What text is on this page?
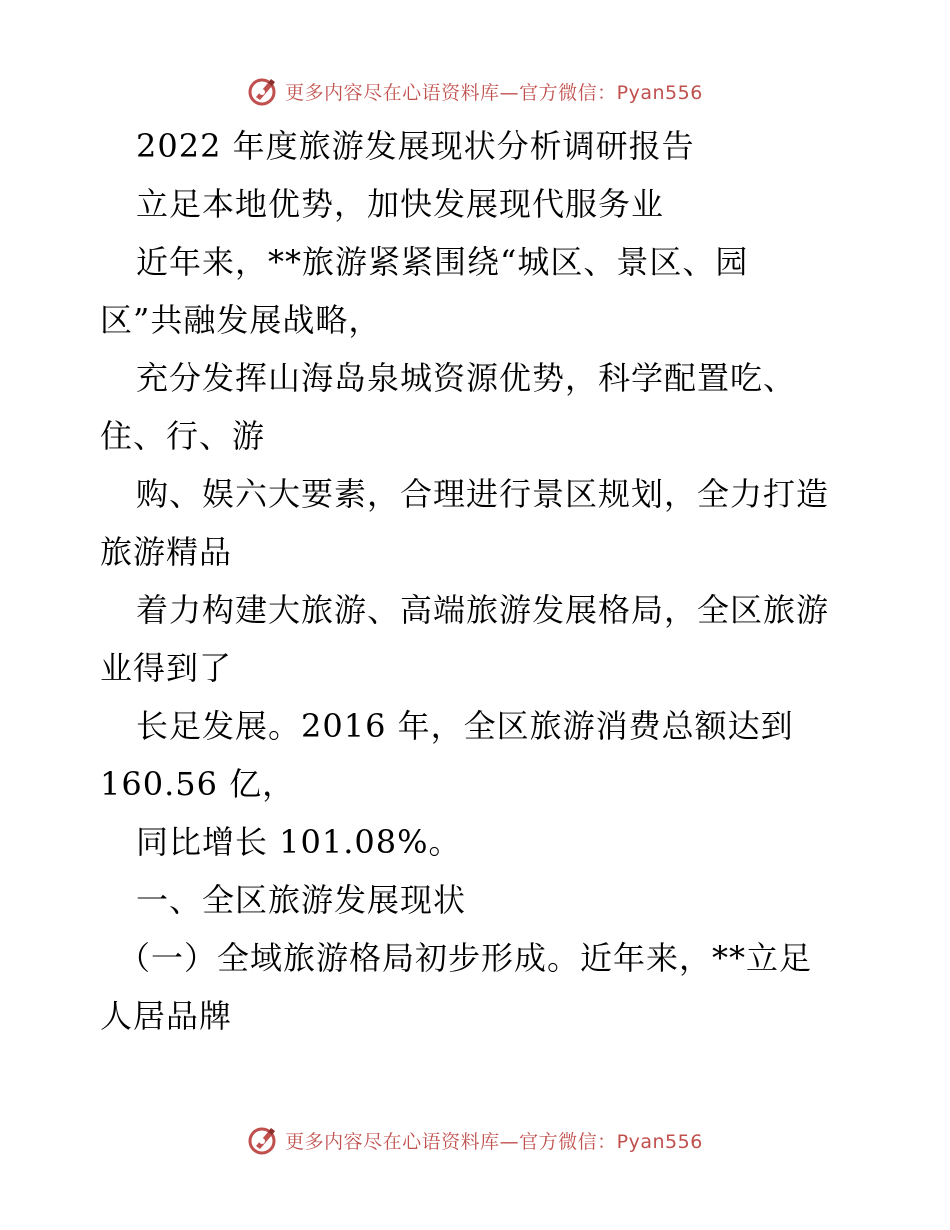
更多内容尽在心语资料库—官方微信：Pyan556
2022 年度旅游发展现状分析调研报告
立足本地优势，加快发展现代服务业
近年来，**旅游紧紧围绕“城区、景区、园
区”共融发展战略，
充分发挥山海岛泉城资源优势，科学配置吃、
住、行、游
购、娱六大要素，合理进行景区规划，全力打造
旅游精品
着力构建大旅游、高端旅游发展格局，全区旅游
业得到了
长足发展。2016 年，全区旅游消费总额达到
160.56 亿，
同比增长 101.08%。
一、全区旅游发展现状
（一）全域旅游格局初步形成。近年来，**立足
人居品牌
更多内容尽在心语资料库—官方微信：Pyan556
